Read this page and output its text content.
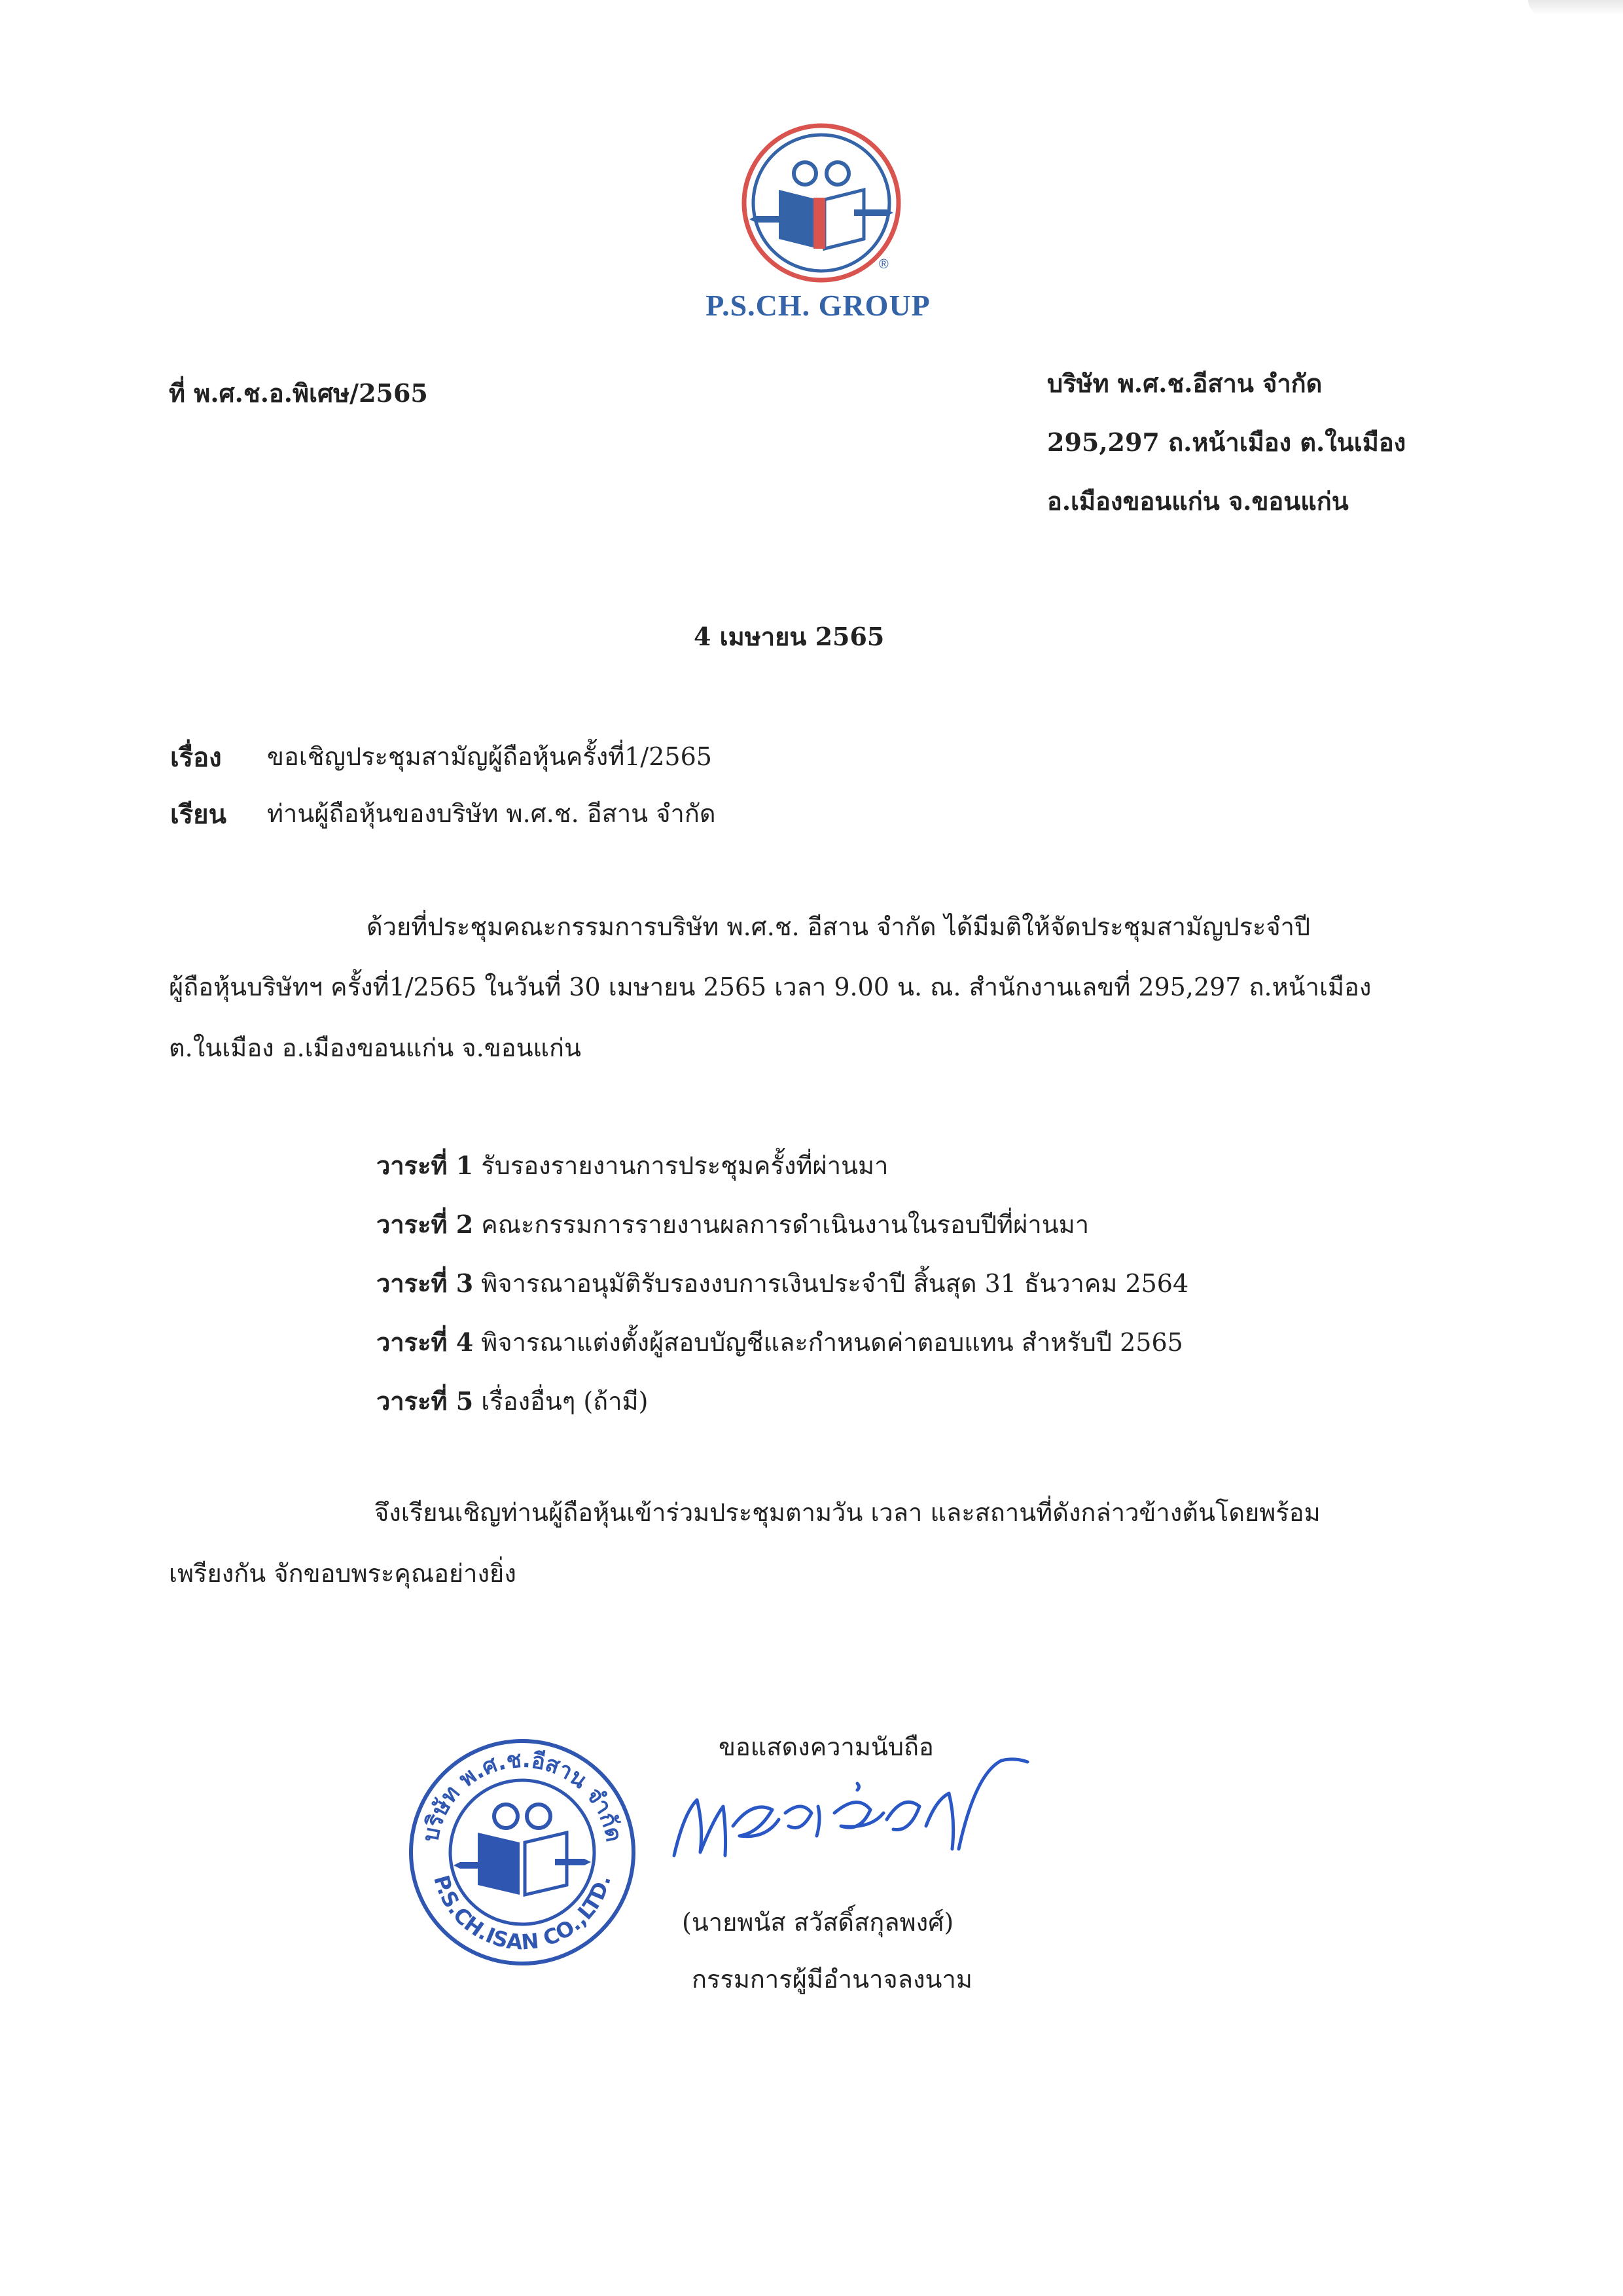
®
P.S.CH. GROUP
ที่ พ.ศ.ช.อ.พิเศษ/2565	บริษัท พ.ศ.ช.อีสาน จำกัด
295,297 ถ.หน้าเมือง ต.ในเมือง
อ.เมืองขอนแก่น จ.ขอนแก่น
4 เมษายน 2565
เรื่อง ขอเชิญประชุมสามัญผู้ถือหุ้นครั้งที่1/2565
เรียน ท่านผู้ถือหุ้นของบริษัท พ.ศ.ช. อีสาน จำกัด
ด้วยที่ประชุมคณะกรรมการบริษัท พ.ศ.ช. อีสาน จำกัด ได้มีมติให้จัดประชุมสามัญประจำปี
ผู้ถือหุ้นบริษัทฯ ครั้งที่1/2565 ในวันที่ 30 เมษายน 2565 เวลา 9.00 น. ณ. สำนักงานเลขที่ 295,297 ถ.หน้าเมือง
ต.ในเมือง อ.เมืองขอนแก่น จ.ขอนแก่น
วาระที่ 1 รับรองรายงานการประชุมครั้งที่ผ่านมา
วาระที่ 2 คณะกรรมการรายงานผลการดำเนินงานในรอบปีที่ผ่านมา
วาระที่ 3 พิจารณาอนุมัติรับรองงบการเงินประจำปี สิ้นสุด 31 ธันวาคม 2564
วาระที่ 4 พิจารณาแต่งตั้งผู้สอบบัญชีและกำหนดค่าตอบแทน สำหรับปี 2565
วาระที่ 5 เรื่องอื่นๆ (ถ้ามี)
จึงเรียนเชิญท่านผู้ถือหุ้นเข้าร่วมประชุมตามวัน เวลา และสถานที่ดังกล่าวข้างต้นโดยพร้อม
เพรียงกัน จักขอบพระคุณอย่างยิ่ง
ขอแสดงความนับถือ
บริษัท พ.ศ.ช.อีสาน จำกัด
P.S.CH.ISAN CO.,LTD.
(นายพนัส สวัสดิ์สกุลพงศ์)
กรรมการผู้มีอำนาจลงนาม
